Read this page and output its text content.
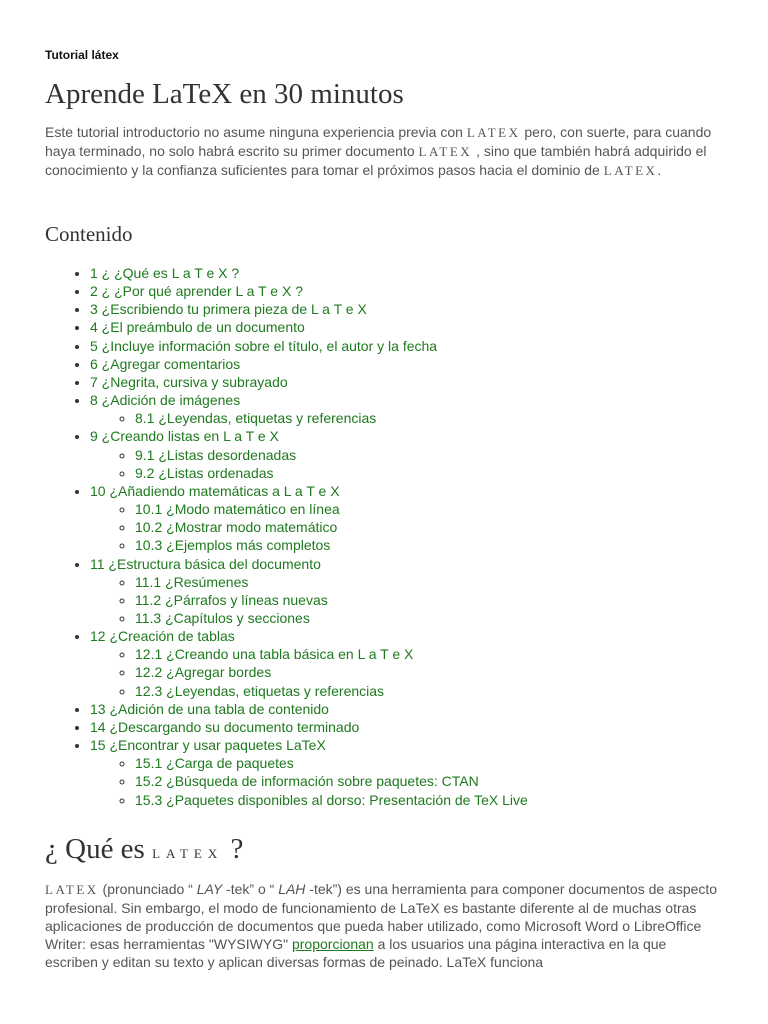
Tutorial látex
Aprende LaTeX en 30 minutos

Este tutorial introductorio no asume ninguna experiencia previa con LATEX pero, con suerte, para cuando haya terminado, no solo habrá escrito su primer documento LATEX , sino que también habrá adquirido el conocimiento y la confianza suficientes para tomar el próximos pasos hacia el dominio de LATEX.

Contenido
• 1 ¿ ¿Qué es L a T e X ?
• 2 ¿ ¿Por qué aprender L a T e X ?
• 3 ¿Escribiendo tu primera pieza de L a T e X
• 4 ¿El preámbulo de un documento
• 5 ¿Incluye información sobre el título, el autor y la fecha
• 6 ¿Agregar comentarios
• 7 ¿Negrita, cursiva y subrayado
• 8 ¿Adición de imágenes
◦ 8.1 ¿Leyendas, etiquetas y referencias
• 9 ¿Creando listas en L a T e X
◦ 9.1 ¿Listas desordenadas
◦ 9.2 ¿Listas ordenadas
• 10 ¿Añadiendo matemáticas a L a T e X
◦ 10.1 ¿Modo matemático en línea
◦ 10.2 ¿Mostrar modo matemático
◦ 10.3 ¿Ejemplos más completos
• 11 ¿Estructura básica del documento
◦ 11.1 ¿Resúmenes
◦ 11.2 ¿Párrafos y líneas nuevas
◦ 11.3 ¿Capítulos y secciones
• 12 ¿Creación de tablas
◦ 12.1 ¿Creando una tabla básica en L a T e X
◦ 12.2 ¿Agregar bordes
◦ 12.3 ¿Leyendas, etiquetas y referencias
• 13 ¿Adición de una tabla de contenido
• 14 ¿Descargando su documento terminado
• 15 ¿Encontrar y usar paquetes LaTeX
◦ 15.1 ¿Carga de paquetes
◦ 15.2 ¿Búsqueda de información sobre paquetes: CTAN
◦ 15.3 ¿Paquetes disponibles al dorso: Presentación de TeX Live
¿ Qué es LATEX ?

LATEX (pronunciado “ LAY -tek” o “ LAH -tek”) es una herramienta para componer documentos de aspecto profesional. Sin embargo, el modo de funcionamiento de LaTeX es bastante diferente al de muchas otras aplicaciones de producción de documentos que pueda haber utilizado, como Microsoft Word o LibreOffice Writer: esas herramientas "WYSIWYG" proporcionan a los usuarios una página interactiva en la que escriben y editan su texto y aplican diversas formas de peinado. LaTeX funciona
